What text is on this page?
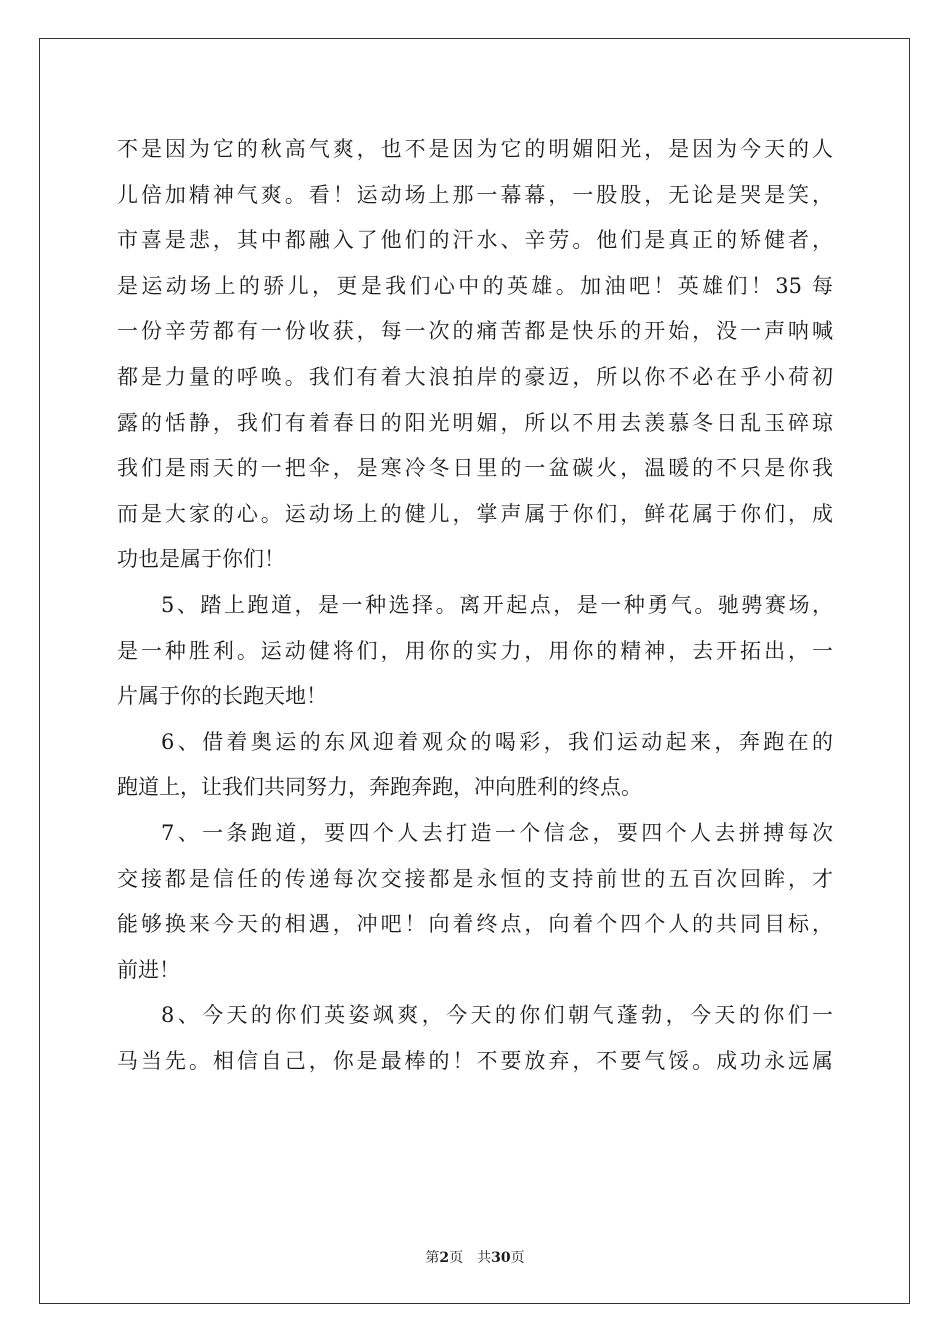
不是因为它的秋高气爽，也不是因为它的明媚阳光，是因为今天的人
儿倍加精神气爽。看！运动场上那一幕幕，一股股，无论是哭是笑，
市喜是悲，其中都融入了他们的汗水、辛劳。他们是真正的矫健者，
是运动场上的骄儿，更是我们心中的英雄。加油吧！英雄们！35 每
一份辛劳都有一份收获，每一次的痛苦都是快乐的开始，没一声呐喊
都是力量的呼唤。我们有着大浪拍岸的豪迈，所以你不必在乎小荷初
露的恬静，我们有着春日的阳光明媚，所以不用去羡慕冬日乱玉碎琼
我们是雨天的一把伞，是寒冷冬日里的一盆碳火，温暖的不只是你我
而是大家的心。运动场上的健儿，掌声属于你们，鲜花属于你们，成
功也是属于你们！
5、踏上跑道，是一种选择。离开起点，是一种勇气。驰骋赛场，
是一种胜利。运动健将们，用你的实力，用你的精神，去开拓出，一
片属于你的长跑天地！
6、借着奥运的东风迎着观众的喝彩，我们运动起来，奔跑在的
跑道上，让我们共同努力，奔跑奔跑，冲向胜利的终点。
7、一条跑道，要四个人去打造一个信念，要四个人去拼搏每次
交接都是信任的传递每次交接都是永恒的支持前世的五百次回眸，才
能够换来今天的相遇，冲吧！向着终点，向着个四个人的共同目标，
前进！
8、今天的你们英姿飒爽，今天的你们朝气蓬勃，今天的你们一
马当先。相信自己，你是最棒的！不要放弃，不要气馁。成功永远属
第2页 共30页
